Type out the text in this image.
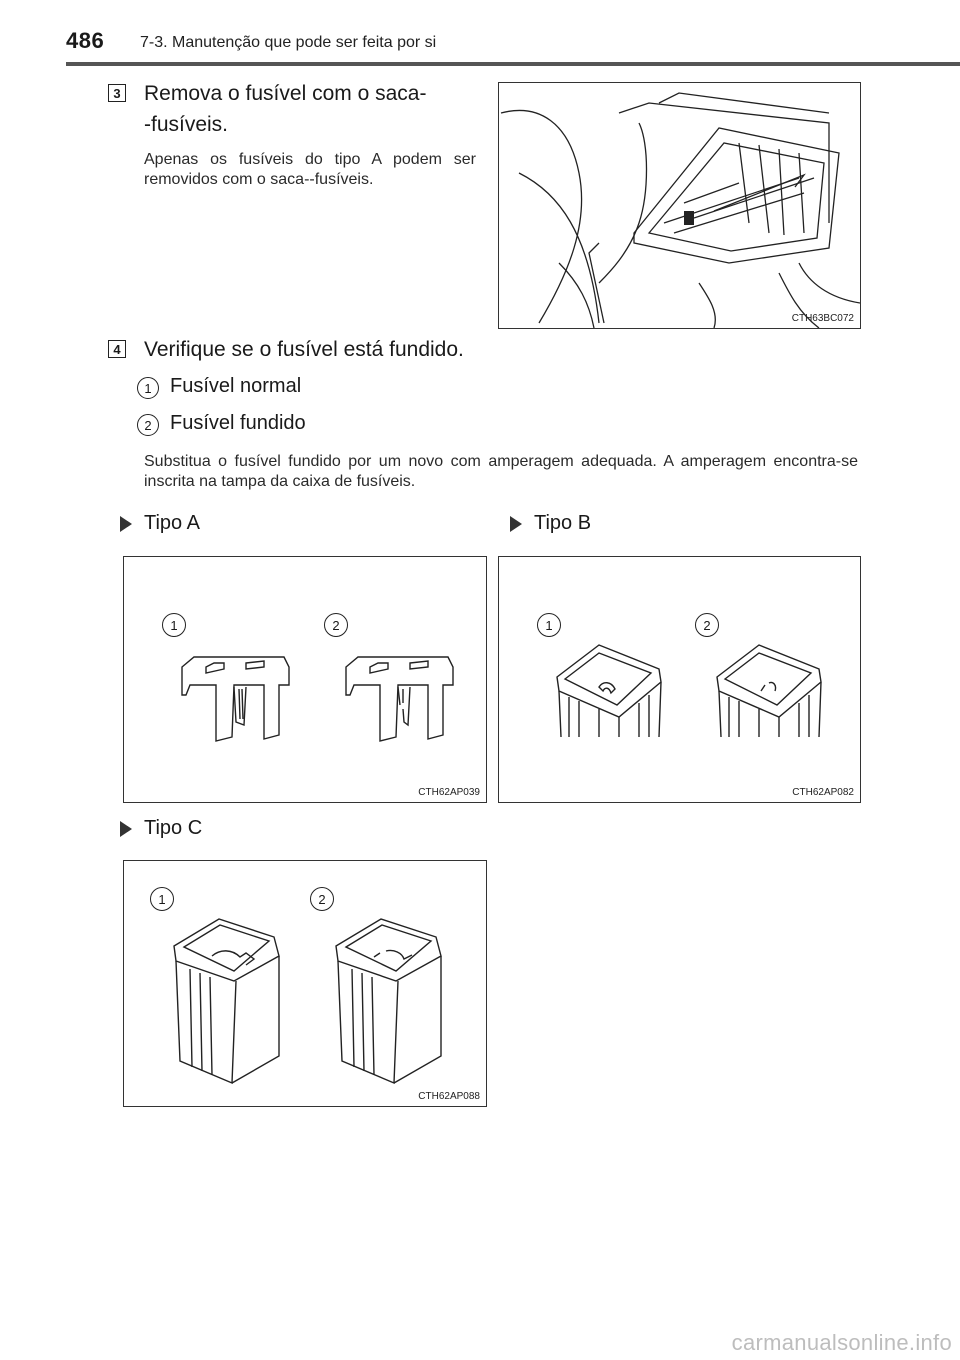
486 7-3. Manutenção que pode ser feita por si
3 Remova o fusível com o saca-
-fusíveis.
Apenas os fusíveis do tipo A podem ser removidos com o saca--fusíveis.
CTH63BC072
4 Verifique se o fusível está fundido.
1 Fusível normal
2 Fusível fundido
Substitua o fusível fundido por um novo com amperagem adequada. A amperagem encontra-se inscrita na tampa da caixa de fusíveis.
Tipo A	Tipo B
1	2
CTH62AP039
1	2
CTH62AP082
Tipo C
1	2
CTH62AP088
carmanualsonline.info
